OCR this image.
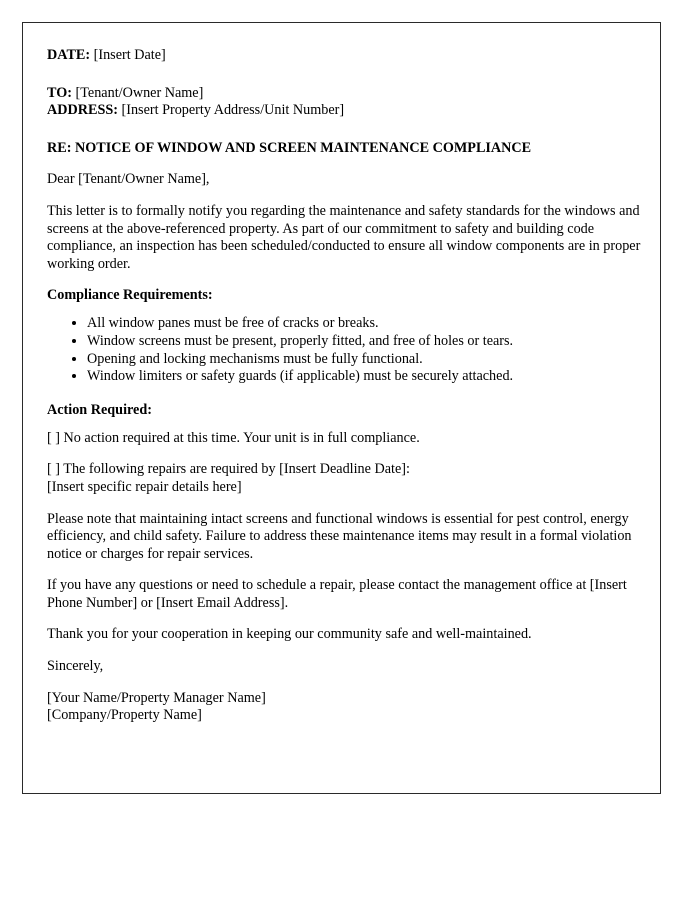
DATE: [Insert Date]
TO: [Tenant/Owner Name]
ADDRESS: [Insert Property Address/Unit Number]
RE: NOTICE OF WINDOW AND SCREEN MAINTENANCE COMPLIANCE

Dear [Tenant/Owner Name],

This letter is to formally notify you regarding the maintenance and safety standards for the windows and screens at the above-referenced property. As part of our commitment to safety and building code compliance, an inspection has been scheduled/conducted to ensure all window components are in proper working order.

Compliance Requirements:
• All window panes must be free of cracks or breaks.
• Window screens must be present, properly fitted, and free of holes or tears.
• Opening and locking mechanisms must be fully functional.
• Window limiters or safety guards (if applicable) must be securely attached.
Action Required:

[ ] No action required at this time. Your unit is in full compliance.

[ ] The following repairs are required by [Insert Deadline Date]:
[Insert specific repair details here]

Please note that maintaining intact screens and functional windows is essential for pest control, energy efficiency, and child safety. Failure to address these maintenance items may result in a formal violation notice or charges for repair services.

If you have any questions or need to schedule a repair, please contact the management office at [Insert Phone Number] or [Insert Email Address].

Thank you for your cooperation in keeping our community safe and well-maintained.

Sincerely,

[Your Name/Property Manager Name]
[Company/Property Name]
